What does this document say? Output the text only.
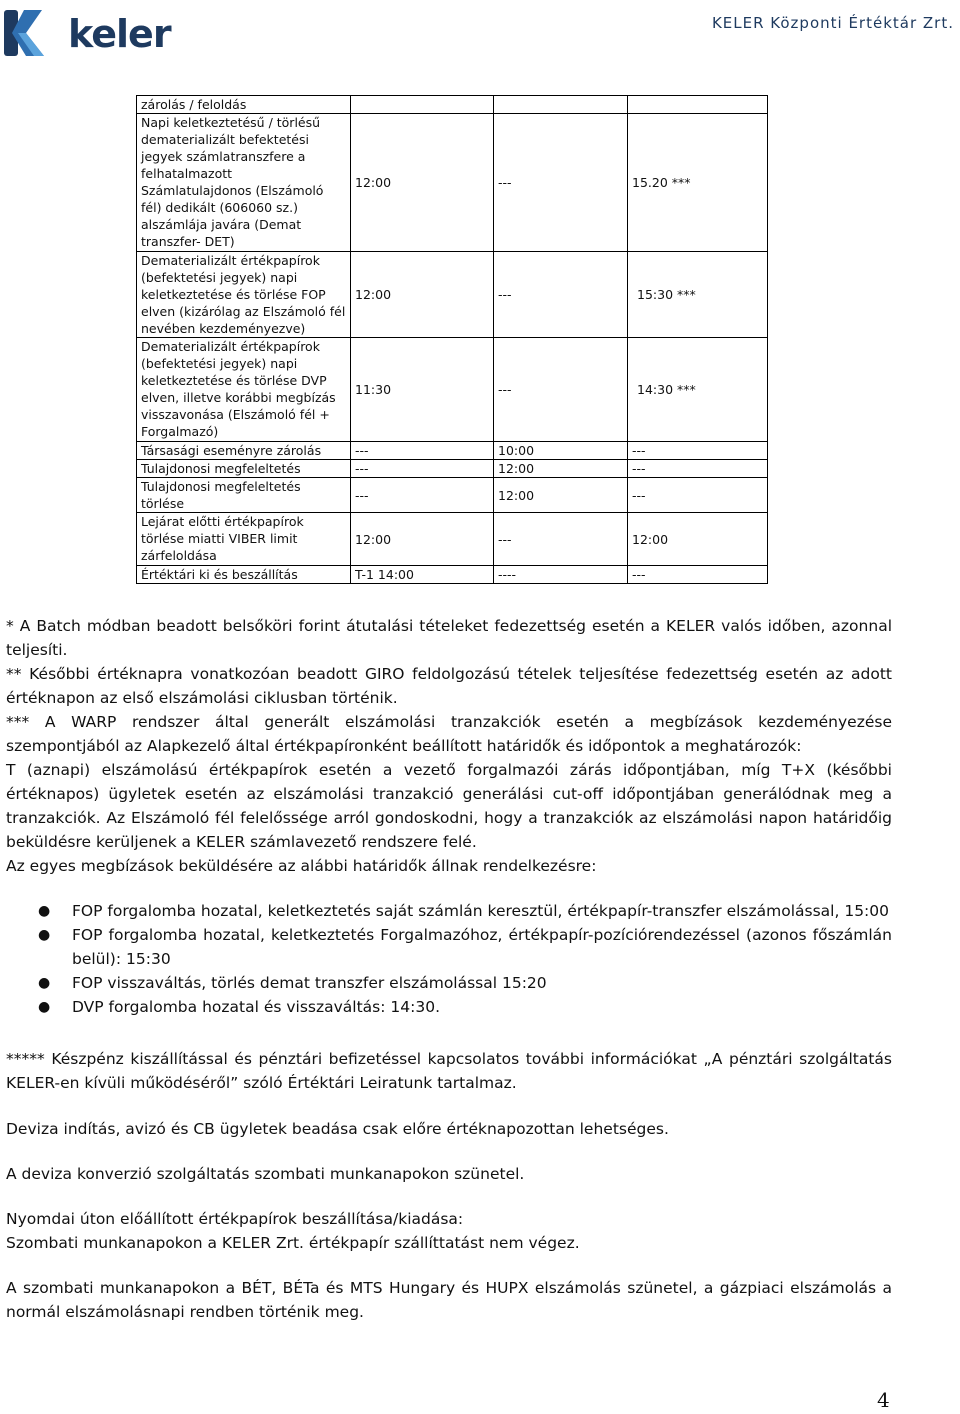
keler	KELER Központi Értéktár Zrt.
zárolás / feloldás			
Napi keletkeztetésű / törlésű dematerializált befektetési jegyek számlatranszfere a felhatalmazott Számlatulajdonos (Elszámoló fél) dedikált (606060 sz.) alszámlája javára (Demat transzfer- DET)	12:00	---	15.20 ***
Dematerializált értékpapírok (befektetési jegyek) napi keletkeztetése és törlése FOP elven (kizárólag az Elszámoló fél nevében kezdeményezve)	12:00	---	15:30 ***
Dematerializált értékpapírok (befektetési jegyek) napi keletkeztetése és törlése DVP elven, illetve korábbi megbízás visszavonása (Elszámoló fél + Forgalmazó)	11:30	---	14:30 ***
Társasági eseményre zárolás	---	10:00	---
Tulajdonosi megfeleltetés	---	12:00	---
Tulajdonosi megfeleltetés törlése	---	12:00	---
Lejárat előtti értékpapírok törlése miatti VIBER limit zárfeloldása	12:00	---	12:00
Értéktári ki és beszállítás	T-1 14:00	----	---

* A Batch módban beadott belsőköri forint átutalási tételeket fedezettség esetén a KELER valós időben, azonnal teljesíti.

** Későbbi értéknapra vonatkozóan beadott GIRO feldolgozású tételek teljesítése fedezettség esetén az adott értéknapon az első elszámolási ciklusban történik.

*** A WARP rendszer által generált elszámolási tranzakciók esetén a megbízások kezdeményezése szempontjából az Alapkezelő által értékpapíronként beállított határidők és időpontok a meghatározók:

T (aznapi) elszámolású értékpapírok esetén a vezető forgalmazói zárás időpontjában, míg T+X (későbbi értéknapos) ügyletek esetén az elszámolási tranzakció generálási cut-off időpontjában generálódnak meg a tranzakciók. Az Elszámoló fél felelőssége arról gondoskodni, hogy a tranzakciók az elszámolási napon határidőig beküldésre kerüljenek a KELER számlavezető rendszere felé.

Az egyes megbízások beküldésére az alábbi határidők állnak rendelkezésre:

● FOP forgalomba hozatal, keletkeztetés saját számlán keresztül, értékpapír-transzfer elszámolással, 15:00
● FOP forgalomba hozatal, keletkeztetés Forgalmazóhoz, értékpapír-pozíciórendezéssel (azonos főszámlán belül): 15:30
● FOP visszaváltás, törlés demat transzfer elszámolással 15:20
● DVP forgalomba hozatal és visszaváltás: 14:30.

***** Készpénz kiszállítással és pénztári befizetéssel kapcsolatos további információkat „A pénztári szolgáltatás KELER-en kívüli működéséről” szóló Értéktári Leiratunk tartalmaz.

Deviza indítás, avizó és CB ügyletek beadása csak előre értéknapozottan lehetséges.

A deviza konverzió szolgáltatás szombati munkanapokon szünetel.

Nyomdai úton előállított értékpapírok beszállítása/kiadása:

Szombati munkanapokon a KELER Zrt. értékpapír szállíttatást nem végez.

A szombati munkanapokon a BÉT, BÉTa és MTS Hungary és HUPX elszámolás szünetel, a gázpiaci elszámolás a normál elszámolásnapi rendben történik meg.

4
